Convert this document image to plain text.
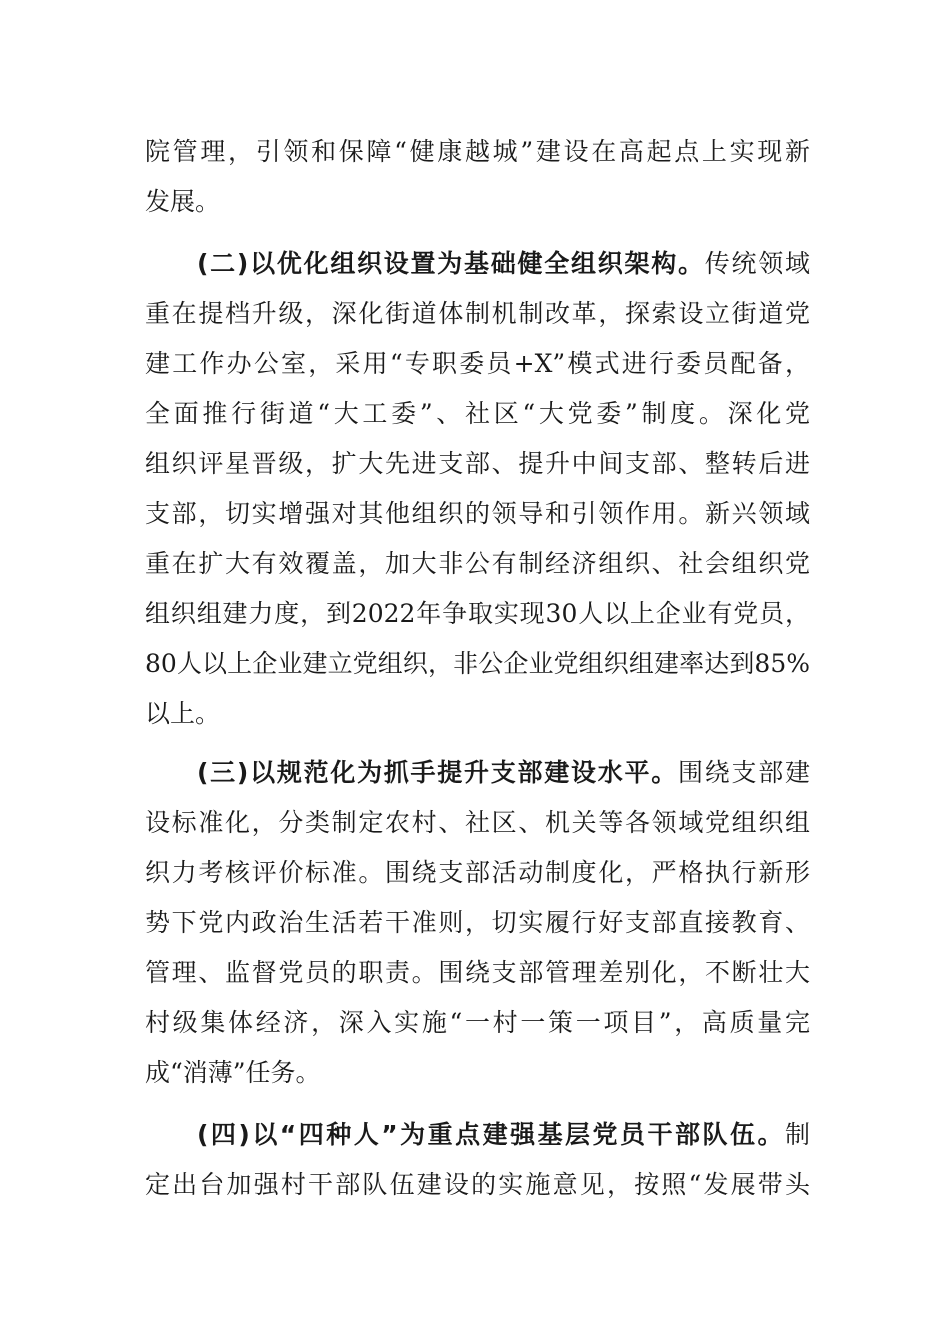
院管理，引领和保障“健康越城”建设在高起点上实现新
发展。
(二)以优化组织设置为基础健全组织架构。传统领域
重在提档升级，深化街道体制机制改革，探索设立街道党
建工作办公室，采用“专职委员+X”模式进行委员配备，
全面推行街道“大工委”、社区“大党委”制度。深化党
组织评星晋级，扩大先进支部、提升中间支部、整转后进
支部，切实增强对其他组织的领导和引领作用。新兴领域
重在扩大有效覆盖，加大非公有制经济组织、社会组织党
组织组建力度，到2022年争取实现30人以上企业有党员，
80人以上企业建立党组织，非公企业党组织组建率达到85%
以上。
(三)以规范化为抓手提升支部建设水平。围绕支部建
设标准化，分类制定农村、社区、机关等各领域党组织组
织力考核评价标准。围绕支部活动制度化，严格执行新形
势下党内政治生活若干准则，切实履行好支部直接教育、
管理、监督党员的职责。围绕支部管理差别化，不断壮大
村级集体经济，深入实施“一村一策一项目”，高质量完
成“消薄”任务。
(四)以“四种人”为重点建强基层党员干部队伍。制
定出台加强村干部队伍建设的实施意见，按照“发展带头
